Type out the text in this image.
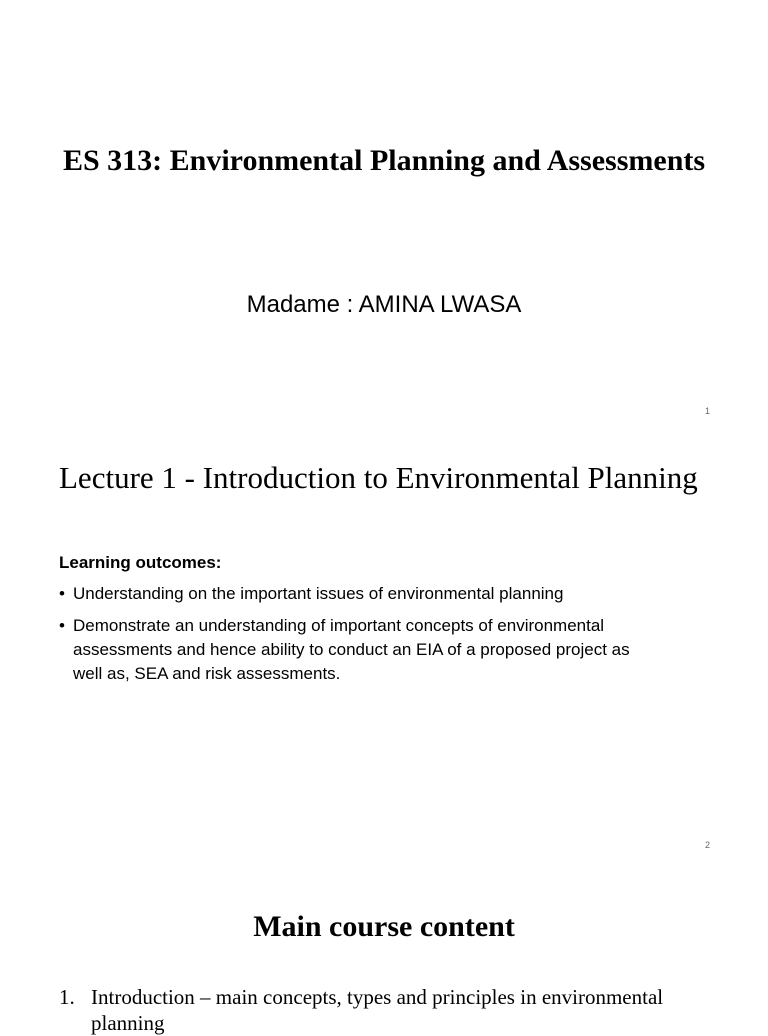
ES 313: Environmental Planning and Assessments
Madame : AMINA LWASA
1
Lecture 1 - Introduction to Environmental Planning
Learning outcomes:
• Understanding on the important issues of environmental planning
• Demonstrate an understanding of important concepts of environmental assessments and hence ability to conduct an EIA of a proposed project as well as, SEA and risk assessments.
2
Main course content
1. Introduction – main concepts, types and principles in environmental planning
